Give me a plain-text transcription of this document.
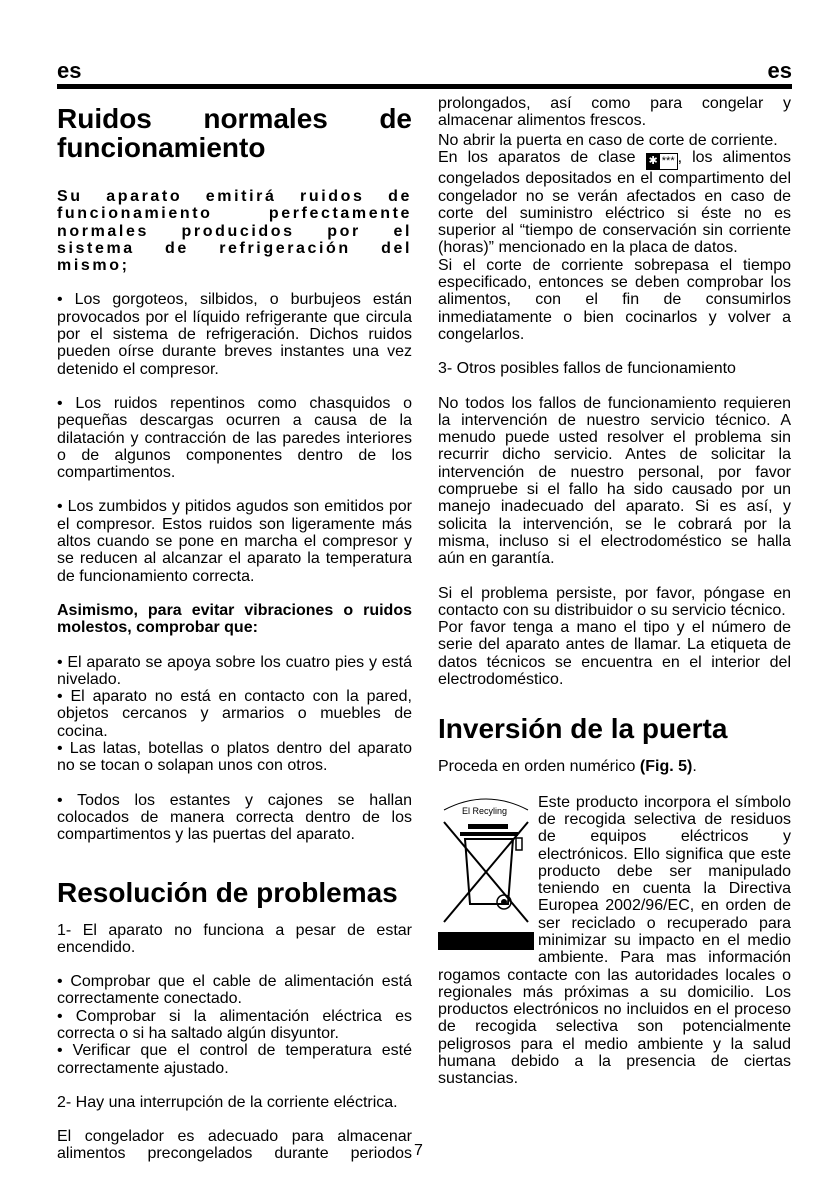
es	es
Ruidos normales de funcionamiento

Su aparato emitirá ruidos de funcionamiento perfectamente normales producidos por el sistema de refrigeración del mismo;

• Los gorgoteos, silbidos, o burbujeos están provocados por el líquido refrigerante que circula por el sistema de refrigeración. Dichos ruidos pueden oírse durante breves instantes una vez detenido el compresor.

• Los ruidos repentinos como chasquidos o pequeñas descargas ocurren a causa de la dilatación y contracción de las paredes interiores o de algunos componentes dentro de los compartimentos.

• Los zumbidos y pitidos agudos son emitidos por el compresor. Estos ruidos son ligeramente más altos cuando se pone en marcha el compresor y se reducen al alcanzar el aparato la temperatura de funcionamiento correcta.

Asimismo, para evitar vibraciones o ruidos molestos, comprobar que:

• El aparato se apoya sobre los cuatro pies y está nivelado.

• El aparato no está en contacto con la pared, objetos cercanos y armarios o muebles de cocina.

• Las latas, botellas o platos dentro del aparato no se tocan o solapan unos con otros.

• Todos los estantes y cajones se hallan colocados de manera correcta dentro de los compartimentos y las puertas del aparato.

Resolución de problemas

1- El aparato no funciona a pesar de estar encendido.

• Comprobar que el cable de alimentación está correctamente conectado.

• Comprobar si la alimentación eléctrica es correcta o si ha saltado algún disyuntor.

• Verificar que el control de temperatura esté correctamente ajustado.

2- Hay una interrupción de la corriente eléctrica.

El congelador es adecuado para almacenar alimentos precongelados durante periodos

prolongados, así como para congelar y almacenar alimentos frescos.

No abrir la puerta en caso de corte de corriente.

En los aparatos de clase ✱ *** , los alimentos congelados depositados en el compartimento del congelador no se verán afectados en caso de corte del suministro eléctrico si éste no es superior al “tiempo de conservación sin corriente (horas)” mencionado en la placa de datos.

Si el corte de corriente sobrepasa el tiempo especificado, entonces se deben comprobar los alimentos, con el fin de consumirlos inmediatamente o bien cocinarlos y volver a congelarlos.

3- Otros posibles fallos de funcionamiento

No todos los fallos de funcionamiento requieren la intervención de nuestro servicio técnico. A menudo puede usted resolver el problema sin recurrir dicho servicio. Antes de solicitar la intervención de nuestro personal, por favor compruebe si el fallo ha sido causado por un manejo inadecuado del aparato. Si es así, y solicita la intervención, se le cobrará por la misma, incluso si el electrodoméstico se halla aún en garantía.

Si el problema persiste, por favor, póngase en contacto con su distribuidor o su servicio técnico.

Por favor tenga a mano el tipo y el número de serie del aparato antes de llamar. La etiqueta de datos técnicos se encuentra en el interior del electrodoméstico.

Inversión de la puerta

Proceda en orden numérico (Fig. 5).

El Recyling	Este producto incorpora el símbolo de recogida selectiva de residuos de equipos eléctricos y electrónicos. Ello significa que este producto debe ser manipulado teniendo en cuenta la Directiva Europea 2002/96/EC, en orden de ser reciclado o recuperado para minimizar su impacto en el medio ambiente. Para mas información rogamos contacte con las autoridades locales o regionales más próximas a su domicilio. Los productos electrónicos no incluidos en el proceso de recogida selectiva son potencialmente peligrosos para el medio ambiente y la salud humana debido a la presencia de ciertas sustancias.
7
